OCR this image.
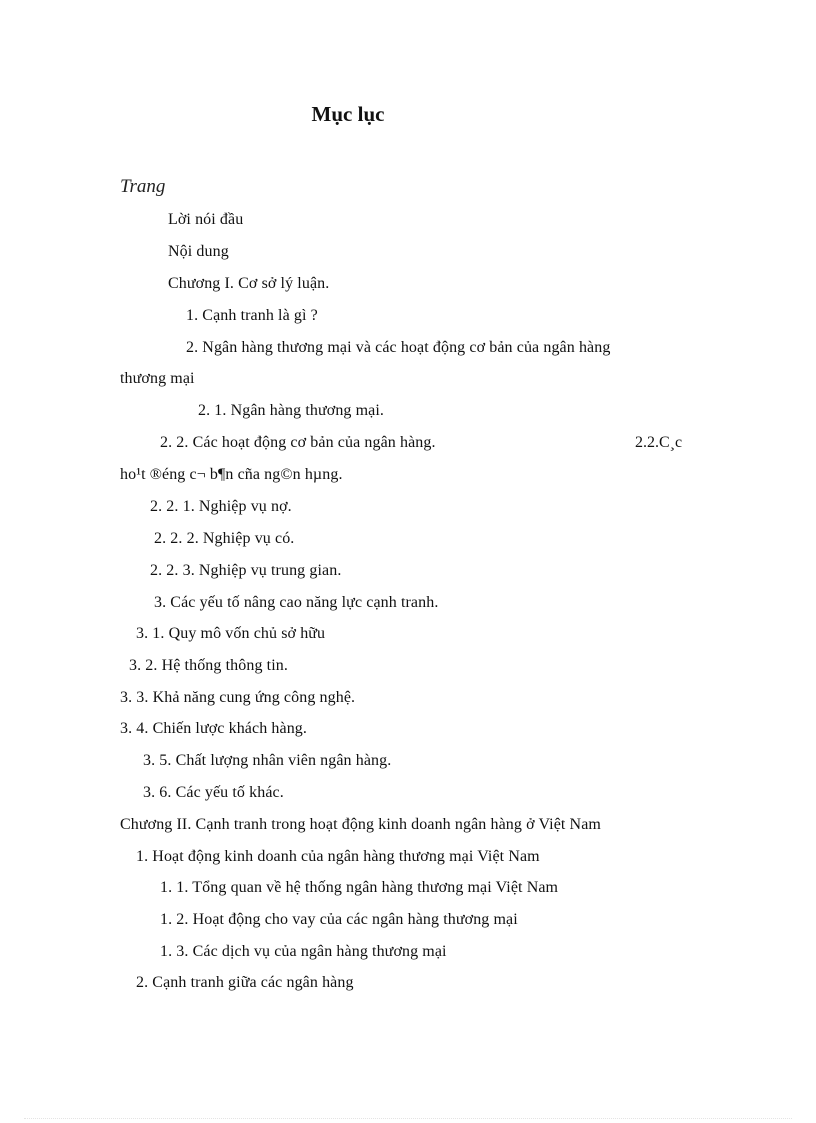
Mục lục
Trang
Lời nói đầu
Nội dung
Chương I. Cơ sở lý luận.
1. Cạnh tranh là gì ?
2. Ngân hàng thương mại và các hoạt động cơ bản của ngân hàng
thương mại
2. 1. Ngân hàng thương mại.
2. 2. Các hoạt động cơ bản của ngân hàng.	2.2.C¸c
ho¹t ®éng c¬ b¶n cña ng©n hµng.
2. 2. 1. Nghiệp vụ nợ.
2. 2. 2. Nghiệp vụ có.
2. 2. 3. Nghiệp vụ trung gian.
3. Các yếu tố nâng cao năng lực cạnh tranh.
3. 1. Quy mô vốn chủ sở hữu
3. 2. Hệ thống thông tin.
3. 3. Khả năng cung ứng công nghệ.
3. 4. Chiến lược khách hàng.
3. 5. Chất lượng nhân viên ngân hàng.
3. 6. Các yếu tố khác.
Chương II. Cạnh tranh trong hoạt động kinh doanh ngân hàng ở Việt Nam
1. Hoạt động kinh doanh của ngân hàng thương mại Việt Nam
1. 1. Tổng quan về hệ thống ngân hàng thương mại Việt Nam
1. 2. Hoạt động cho vay của các ngân hàng thương mại
1. 3. Các dịch vụ của ngân hàng thương mại
2. Cạnh tranh giữa các ngân hàng
